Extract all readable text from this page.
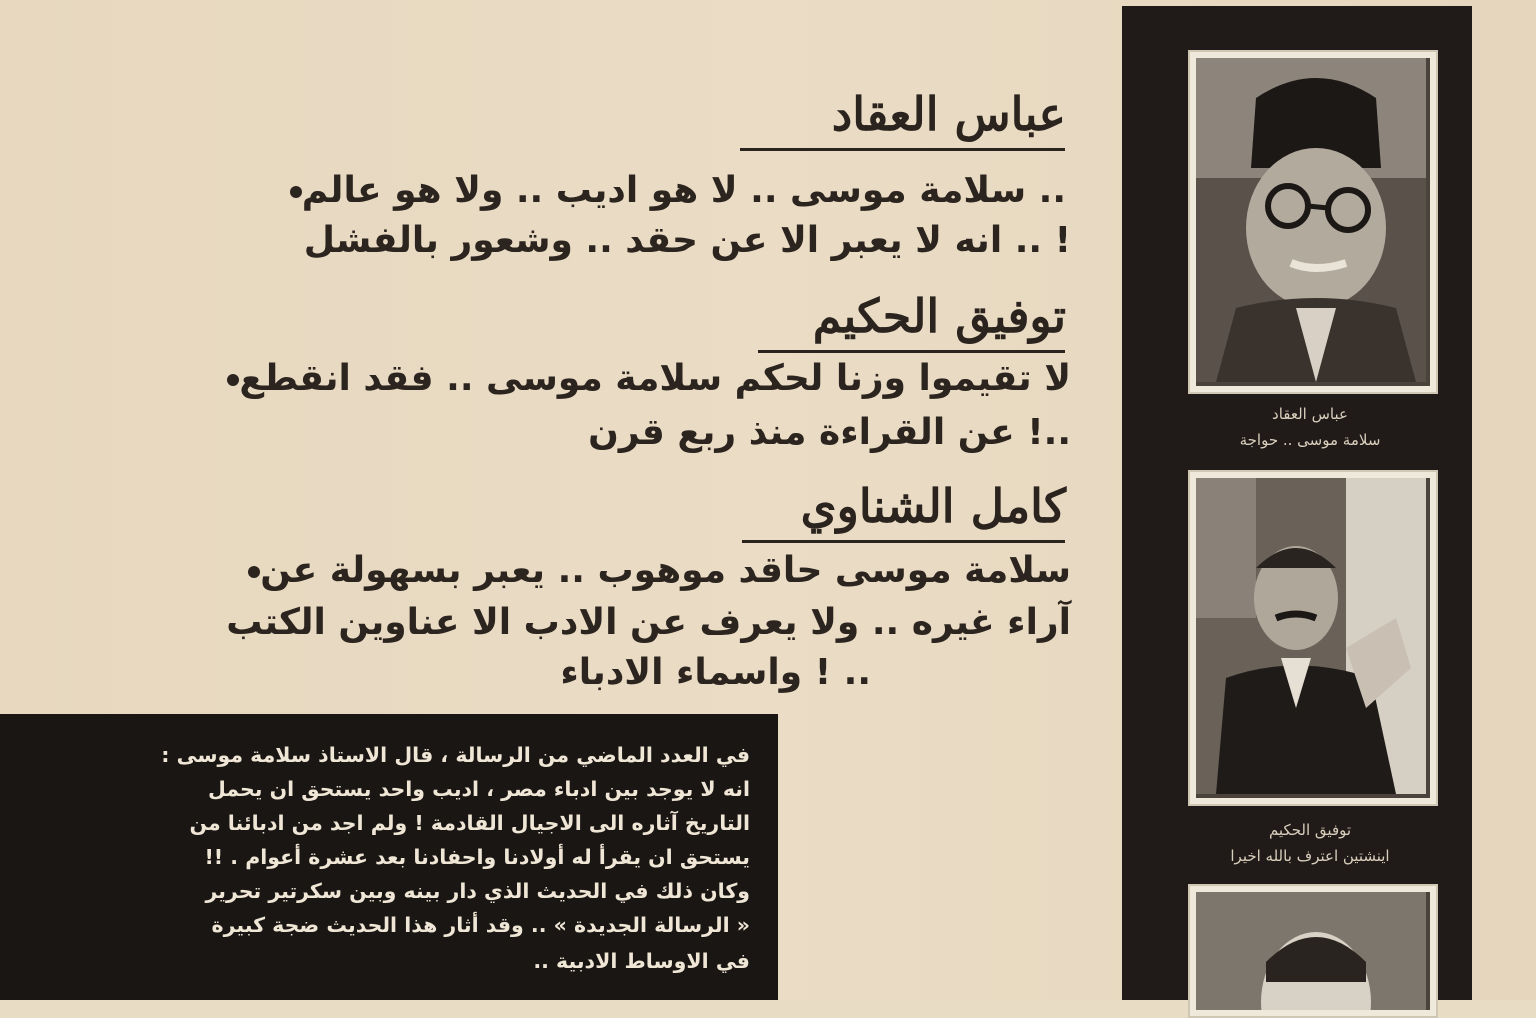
عباس العقاد
سلامة موسى .. لا هو اديب .. ولا هو عالم ..
انه لا يعبر الا عن حقد .. وشعور بالفشل .. !
توفيق الحكيم
لا تقيموا وزنا لحكم سلامة موسى .. فقد انقطع
عن القراءة منذ ربع قرن !..
كامل الشناوي
سلامة موسى حاقد موهوب .. يعبر بسهولة عن
آراء غيره .. ولا يعرف عن الادب الا عناوين الكتب
واسماء الادباء ! ..
في العدد الماضي من الرسالة ، قال الاستاذ سلامة موسى :
انه لا يوجد بين ادباء مصر ، اديب واحد يستحق ان يحمل
التاريخ آثاره الى الاجيال القادمة ! ولم اجد من ادبائنا من
يستحق ان يقرأ له أولادنا واحفادنا بعد عشرة أعوام . !!
وكان ذلك في الحديث الذي دار بينه وبين سكرتير تحرير
« الرسالة الجديدة » .. وقد أثار هذا الحديث ضجة كبيرة
في الاوساط الادبية ..
عباس العقاد
سلامة موسى .. حواجة
توفيق الحكيم
اينشتين اعترف بالله اخيرا
